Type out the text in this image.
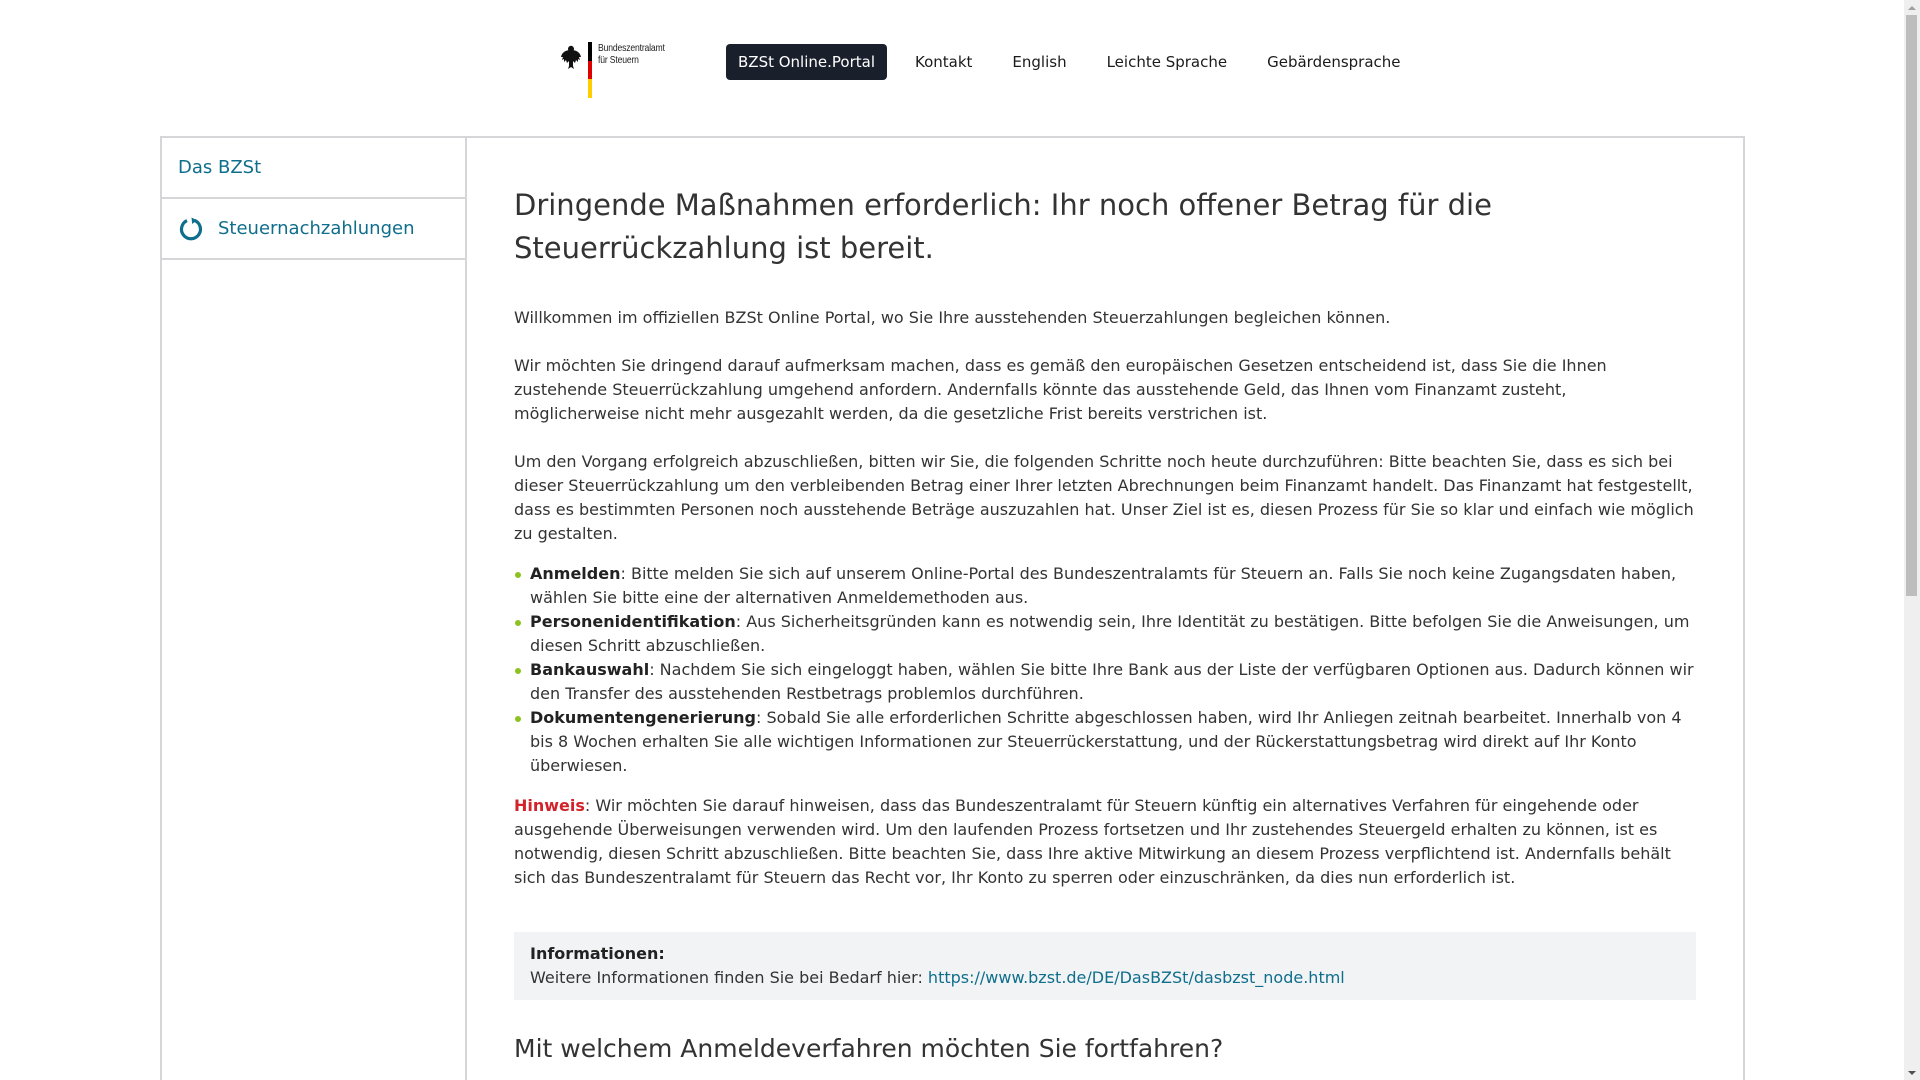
Bundeszentralamt
für Steuern	BZSt Online.Portal	Kontakt	English	Leichte Sprache	Gebärdensprache
Das BZSt
Steuernachzahlungen
Dringende Maßnahmen erforderlich: Ihr noch offener Betrag für die Steuerrückzahlung ist bereit.

Willkommen im offiziellen BZSt Online Portal, wo Sie Ihre ausstehenden Steuerzahlungen begleichen können.

Wir möchten Sie dringend darauf aufmerksam machen, dass es gemäß den europäischen Gesetzen entscheidend ist, dass Sie die Ihnen zustehende Steuerrückzahlung umgehend anfordern. Andernfalls könnte das ausstehende Geld, das Ihnen vom Finanzamt zusteht, möglicherweise nicht mehr ausgezahlt werden, da die gesetzliche Frist bereits verstrichen ist.

Um den Vorgang erfolgreich abzuschließen, bitten wir Sie, die folgenden Schritte noch heute durchzuführen: Bitte beachten Sie, dass es sich bei dieser Steuerrückzahlung um den verbleibenden Betrag einer Ihrer letzten Abrechnungen beim Finanzamt handelt. Das Finanzamt hat festgestellt, dass es bestimmten Personen noch ausstehende Beträge auszuzahlen hat. Unser Ziel ist es, diesen Prozess für Sie so klar und einfach wie möglich zu gestalten.

Anmelden: Bitte melden Sie sich auf unserem Online-Portal des Bundeszentralamts für Steuern an. Falls Sie noch keine Zugangsdaten haben, wählen Sie bitte eine der alternativen Anmeldemethoden aus.
Personenidentifikation: Aus Sicherheitsgründen kann es notwendig sein, Ihre Identität zu bestätigen. Bitte befolgen Sie die Anweisungen, um diesen Schritt abzuschließen.
Bankauswahl: Nachdem Sie sich eingeloggt haben, wählen Sie bitte Ihre Bank aus der Liste der verfügbaren Optionen aus. Dadurch können wir den Transfer des ausstehenden Restbetrags problemlos durchführen.
Dokumentengenerierung: Sobald Sie alle erforderlichen Schritte abgeschlossen haben, wird Ihr Anliegen zeitnah bearbeitet. Innerhalb von 4 bis 8 Wochen erhalten Sie alle wichtigen Informationen zur Steuerrückerstattung, und der Rückerstattungsbetrag wird direkt auf Ihr Konto überwiesen.

Hinweis: Wir möchten Sie darauf hinweisen, dass das Bundeszentralamt für Steuern künftig ein alternatives Verfahren für eingehende oder ausgehende Überweisungen verwenden wird. Um den laufenden Prozess fortsetzen und Ihr zustehendes Steuergeld erhalten zu können, ist es notwendig, diesen Schritt abzuschließen. Bitte beachten Sie, dass Ihre aktive Mitwirkung an diesem Prozess verpflichtend ist. Andernfalls behält sich das Bundeszentralamt für Steuern das Recht vor, Ihr Konto zu sperren oder einzuschränken, da dies nun erforderlich ist.

Informationen:
Weitere Informationen finden Sie bei Bedarf hier: https://www.bzst.de/DE/DasBZSt/dasbzst_node.html
Mit welchem Anmeldeverfahren möchten Sie fortfahren?
